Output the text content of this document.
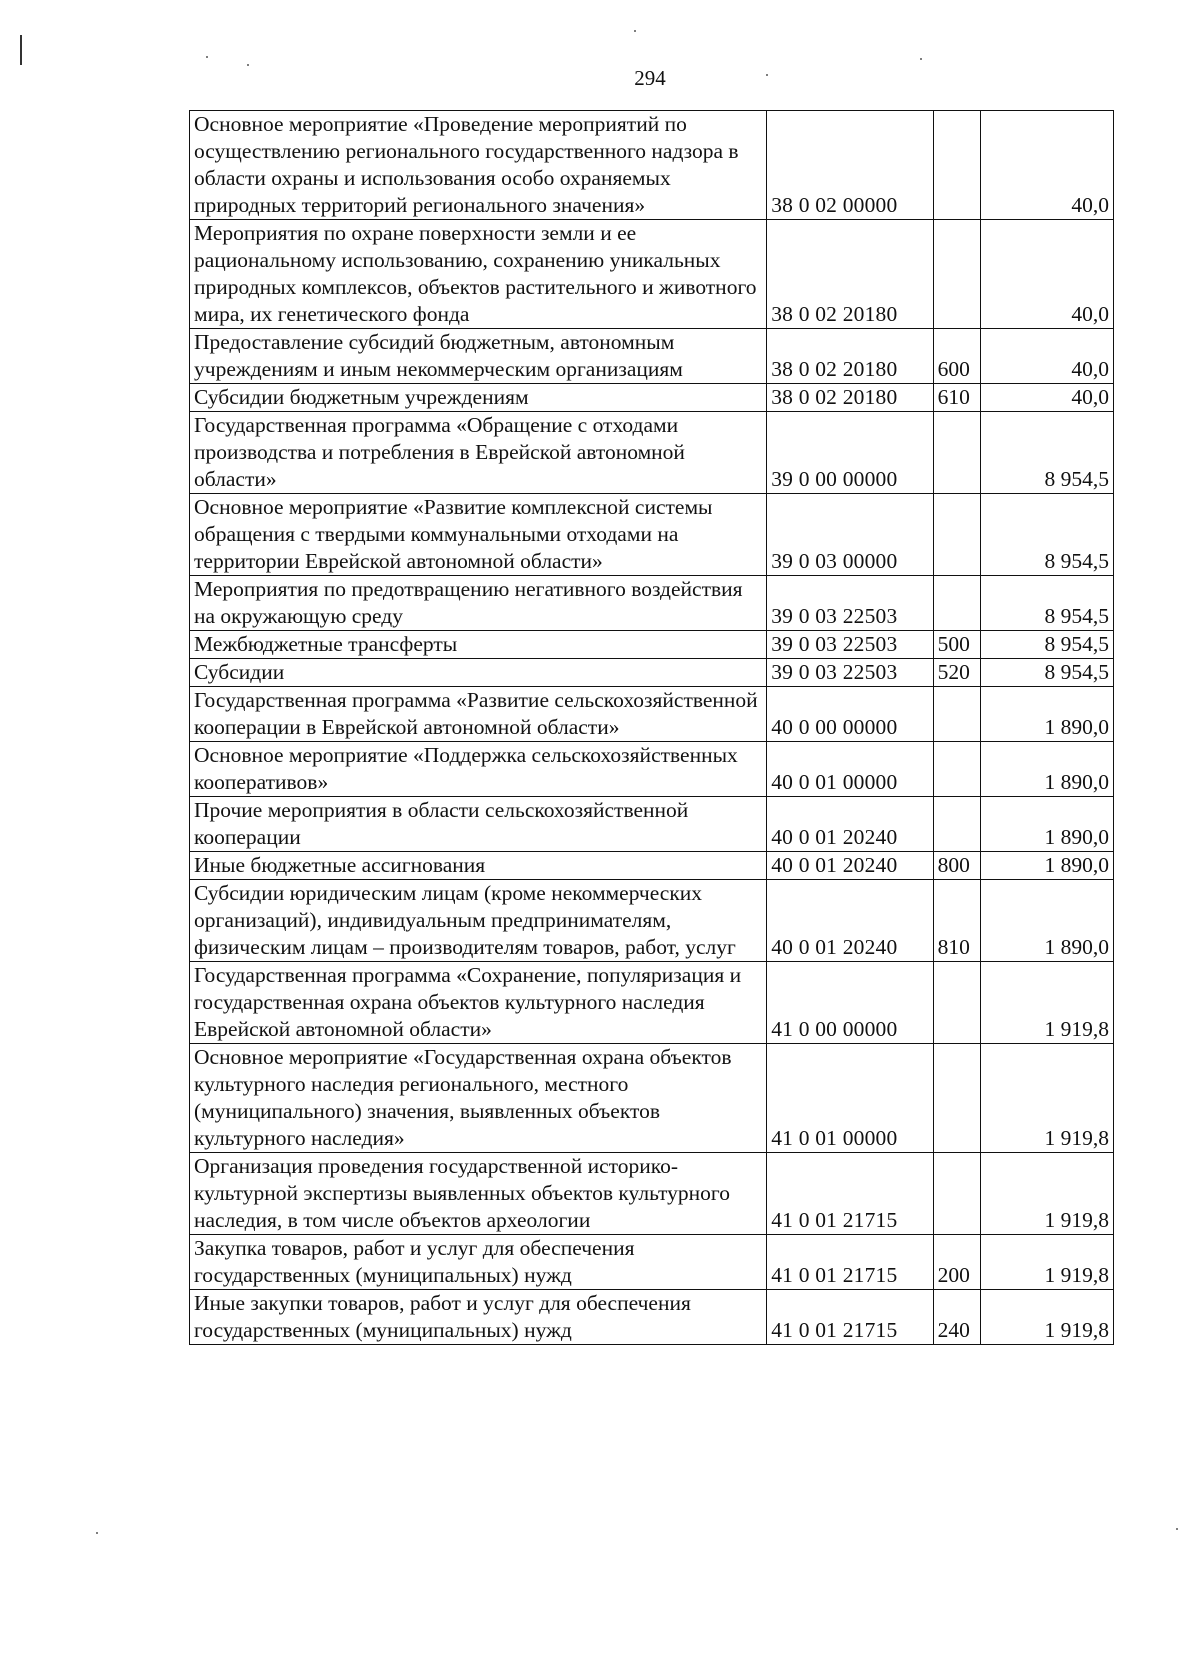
294
Основное мероприятие «Проведение мероприятий по осуществлению регионального государственного надзора в области охраны и использования особо охраняемых природных территорий регионального значения»	38 0 02 00000		40,0
Мероприятия по охране поверхности земли и ее рациональному использованию, сохранению уникальных природных комплексов, объектов растительного и животного мира, их генетического фонда	38 0 02 20180		40,0
Предоставление субсидий бюджетным, автономным учреждениям и иным некоммерческим организациям	38 0 02 20180	600	40,0
Субсидии бюджетным учреждениям	38 0 02 20180	610	40,0
Государственная программа «Обращение с отходами производства и потребления в Еврейской автономной области»	39 0 00 00000		8 954,5
Основное мероприятие «Развитие комплексной системы обращения с твердыми коммунальными отходами на территории Еврейской автономной области»	39 0 03 00000		8 954,5
Мероприятия по предотвращению негативного воздействия на окружающую среду	39 0 03 22503		8 954,5
Межбюджетные трансферты	39 0 03 22503	500	8 954,5
Субсидии	39 0 03 22503	520	8 954,5
Государственная программа «Развитие сельскохозяйственной кооперации в Еврейской автономной области»	40 0 00 00000		1 890,0
Основное мероприятие «Поддержка сельскохозяйственных кооперативов»	40 0 01 00000		1 890,0
Прочие мероприятия в области сельскохозяйственной кооперации	40 0 01 20240		1 890,0
Иные бюджетные ассигнования	40 0 01 20240	800	1 890,0
Субсидии юридическим лицам (кроме некоммерческих организаций), индивидуальным предпринимателям, физическим лицам – производителям товаров, работ, услуг	40 0 01 20240	810	1 890,0
Государственная программа «Сохранение, популяризация и государственная охрана объектов культурного наследия Еврейской автономной области»	41 0 00 00000		1 919,8
Основное мероприятие «Государственная охрана объектов культурного наследия регионального, местного (муниципального) значения, выявленных объектов культурного наследия»	41 0 01 00000		1 919,8
Организация проведения государственной историко-культурной экспертизы выявленных объектов культурного наследия, в том числе объектов археологии	41 0 01 21715		1 919,8
Закупка товаров, работ и услуг для обеспечения государственных (муниципальных) нужд	41 0 01 21715	200	1 919,8
Иные закупки товаров, работ и услуг для обеспечения государственных (муниципальных) нужд	41 0 01 21715	240	1 919,8
